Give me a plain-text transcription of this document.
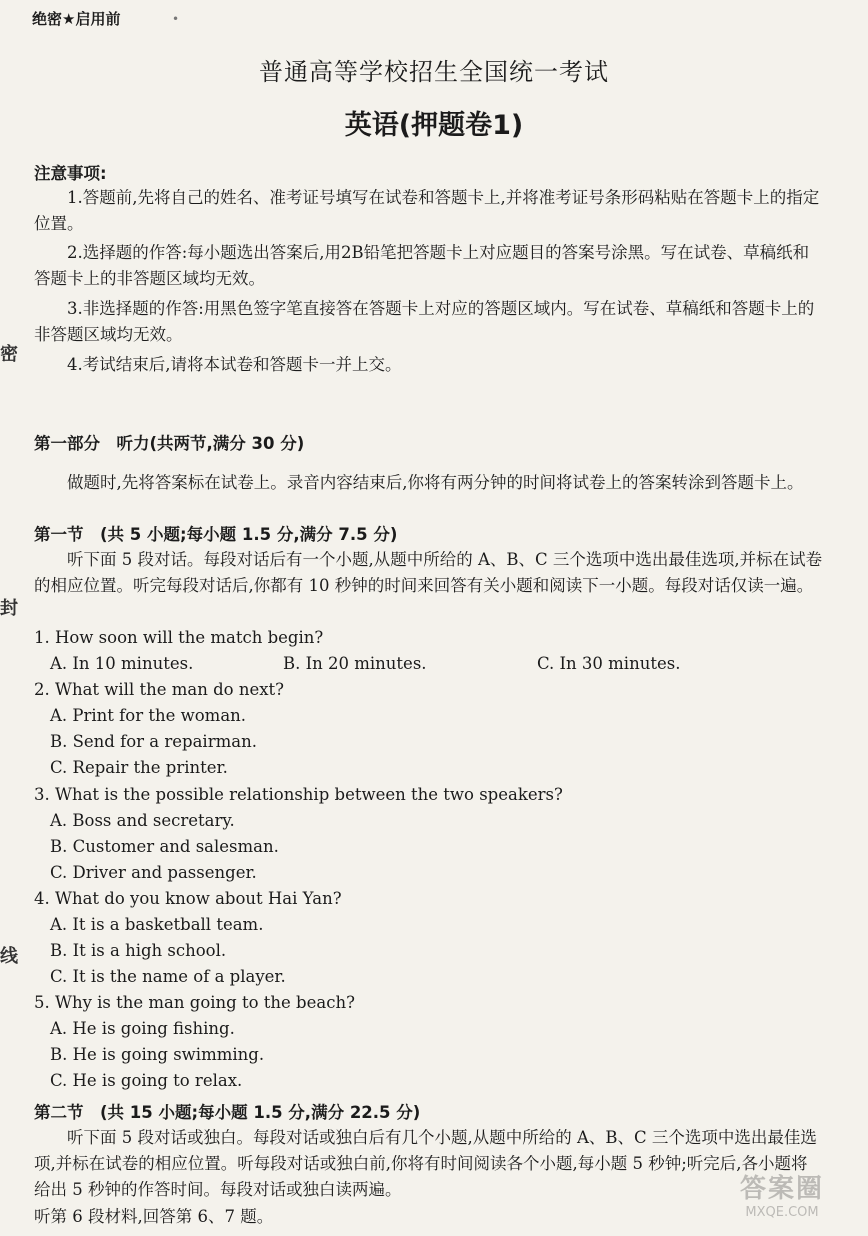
绝密★启用前
普通高等学校招生全国统一考试
英语(押题卷1)
密
封
线
注意事项:
1.答题前,先将自己的姓名、准考证号填写在试卷和答题卡上,并将准考证号条形码粘贴在答题卡上的指定位置。
2.选择题的作答:每小题选出答案后,用2B铅笔把答题卡上对应题目的答案号涂黑。写在试卷、草稿纸和答题卡上的非答题区域均无效。
3.非选择题的作答:用黑色签字笔直接答在答题卡上对应的答题区域内。写在试卷、草稿纸和答题卡上的非答题区域均无效。
4.考试结束后,请将本试卷和答题卡一并上交。
第一部分　听力(共两节,满分 30 分)
做题时,先将答案标在试卷上。录音内容结束后,你将有两分钟的时间将试卷上的答案转涂到答题卡上。
第一节　(共 5 小题;每小题 1.5 分,满分 7.5 分)
听下面 5 段对话。每段对话后有一个小题,从题中所给的 A、B、C 三个选项中选出最佳选项,并标在试卷的相应位置。听完每段对话后,你都有 10 秒钟的时间来回答有关小题和阅读下一小题。每段对话仅读一遍。
1. How soon will the match begin?
A. In 10 minutes.	B. In 20 minutes.	C. In 30 minutes.
2. What will the man do next?
A. Print for the woman.
B. Send for a repairman.
C. Repair the printer.
3. What is the possible relationship between the two speakers?
A. Boss and secretary.
B. Customer and salesman.
C. Driver and passenger.
4. What do you know about Hai Yan?
A. It is a basketball team.
B. It is a high school.
C. It is the name of a player.
5. Why is the man going to the beach?
A. He is going fishing.
B. He is going swimming.
C. He is going to relax.
第二节　(共 15 小题;每小题 1.5 分,满分 22.5 分)
听下面 5 段对话或独白。每段对话或独白后有几个小题,从题中所给的 A、B、C 三个选项中选出最佳选项,并标在试卷的相应位置。听每段对话或独白前,你将有时间阅读各个小题,每小题 5 秒钟;听完后,各小题将给出 5 秒钟的作答时间。每段对话或独白读两遍。
听第 6 段材料,回答第 6、7 题。
答案圈
MXQE.COM
•
